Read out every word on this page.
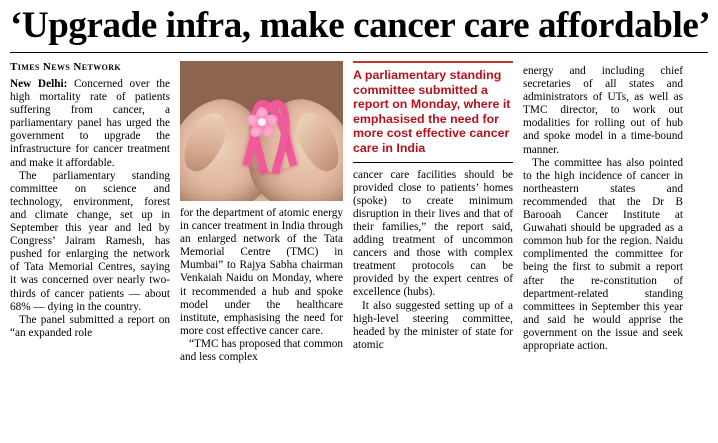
‘Upgrade infra, make cancer care affordable’
Times News Network

New Delhi: Concerned over the high mortality rate of patients suffering from cancer, a parliamentary panel has urged the government to upgrade the infrastructure for cancer treatment and make it affordable.

The parliamentary standing committee on science and technology, environment, forest and climate change, set up in September this year and led by Congress’ Jairam Ramesh, has pushed for enlarging the network of Tata Memorial Centres, saying it was concerned over nearly two-thirds of cancer patients — about 68% — dying in the country.

The panel submitted a report on “an expanded role

for the department of atomic energy in cancer treatment in India through an enlarged network of the Tata Memorial Centre (TMC) in Mumbai” to Rajya Sabha chairman Venkaiah Naidu on Monday, where it recommended a hub and spoke model under the healthcare institute, emphasising the need for more cost effective cancer care.

“TMC has proposed that common and less complex

A parliamentary standing committee submitted a report on Monday, where it emphasised the need for more cost effective cancer care in India

cancer care facilities should be provided close to patients’ homes (spoke) to create minimum disruption in their lives and that of their families,” the report said, adding treatment of uncommon cancers and those with complex treatment protocols can be provided by the expert centres of excellence (hubs).

It also suggested setting up of a high-level steering committee, headed by the minister of state for atomic

energy and including chief secretaries of all states and administrators of UTs, as well as TMC director, to work out modalities for rolling out of hub and spoke model in a time-bound manner.

The committee has also pointed to the high incidence of cancer in northeastern states and recommended that the Dr B Barooah Cancer Institute at Guwahati should be upgraded as a common hub for the region. Naidu complimented the committee for being the first to submit a report after the re-constitution of department-related standing committees in September this year and said he would apprise the government on the issue and seek appropriate action.
